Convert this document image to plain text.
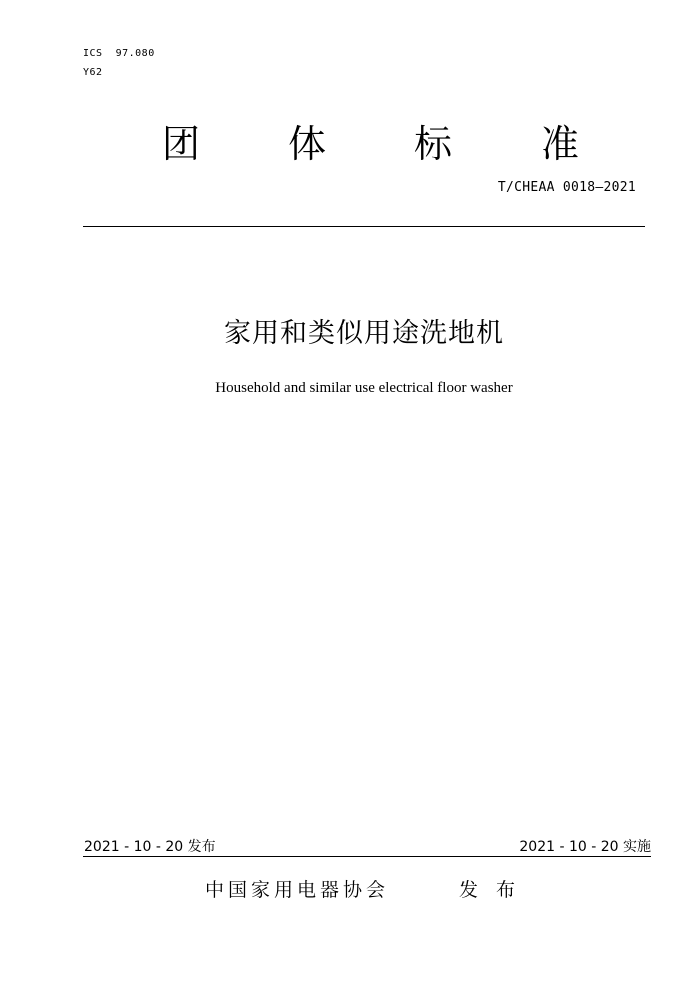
ICS  97.080
Y62
团 体 标 准
T/CHEAA 0018—2021
家用和类似用途洗地机
Household and similar use electrical floor washer
2021 - 10 - 20 发布	2021 - 10 - 20 实施
中国家用电器协会	发 布
